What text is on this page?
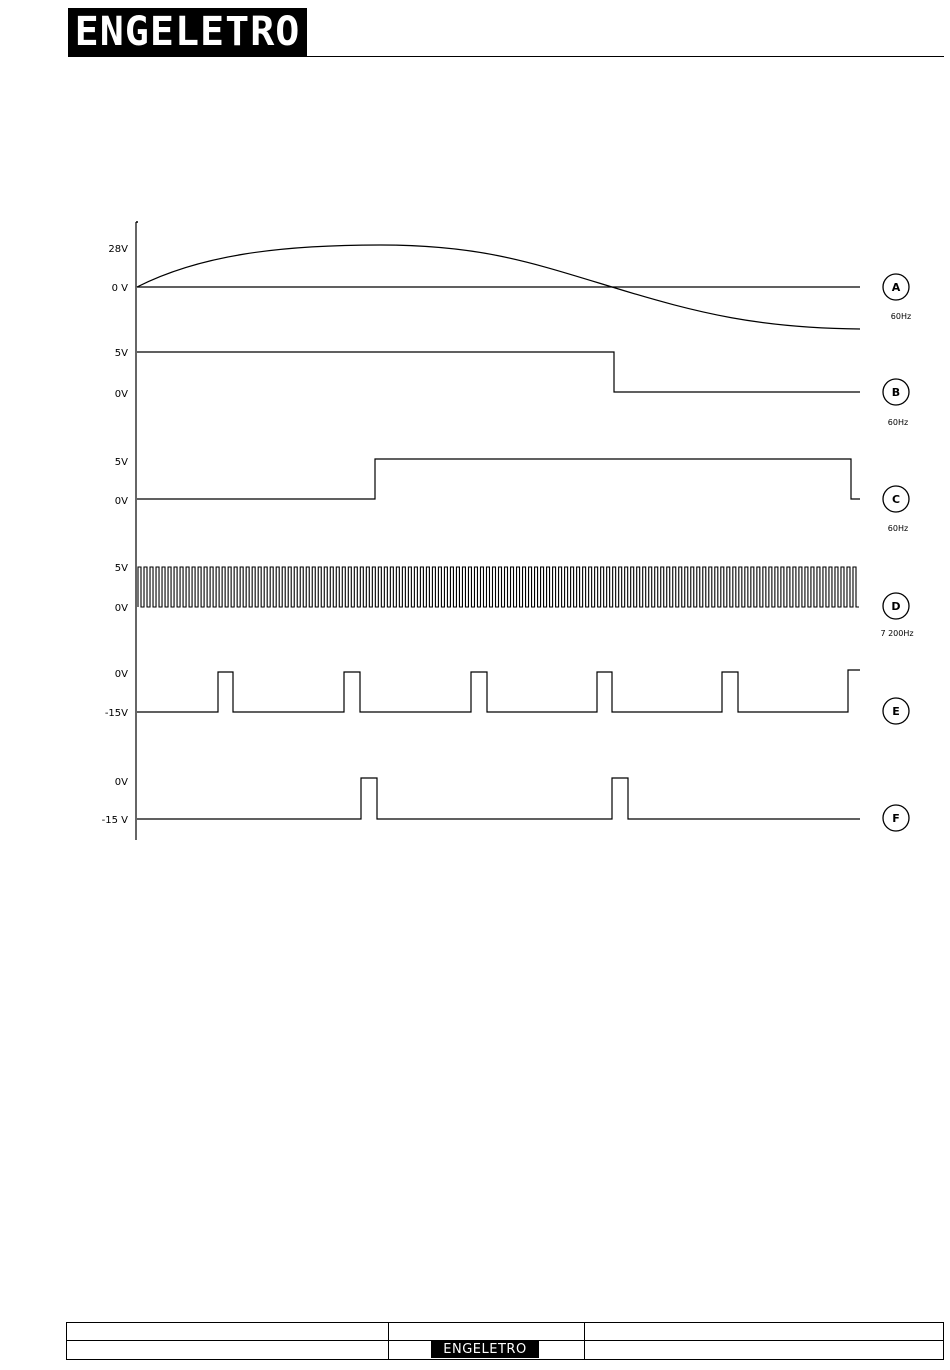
ENGELETRO
28V
0 V
5V
0V
5V
0V
5V
0V
0V
-15V
0V
-15 V
A
60Hz
B
60Hz
C
60Hz
D
7 200Hz
E
F
ENGELETRO
